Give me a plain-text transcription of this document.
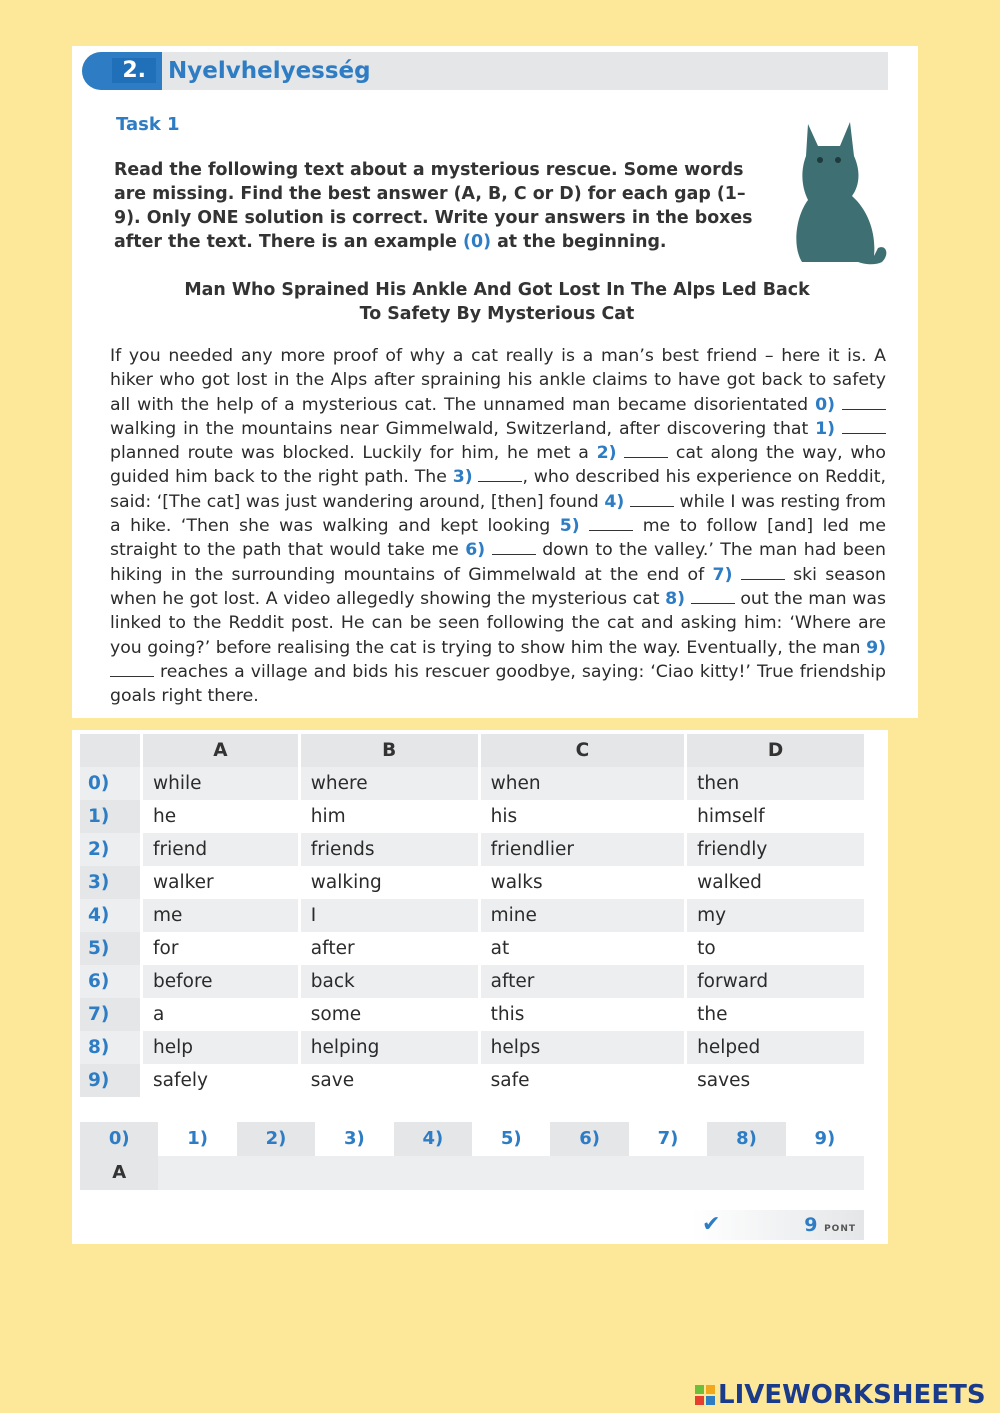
2. Nyelvhelyesség
Task 1
Read the following text about a mysterious rescue. Some words are missing. Find the best answer (A, B, C or D) for each gap (1–9). Only ONE solution is correct. Write your answers in the boxes after the text. There is an example (0) at the beginning.
Man Who Sprained His Ankle And Got Lost In The Alps Led Back
To Safety By Mysterious Cat
If you needed any more proof of why a cat really is a man’s best friend – here it is. A hiker who got lost in the Alps after spraining his ankle claims to have got back to safety all with the help of a mysterious cat. The unnamed man became disorientated 0)  walking in the mountains near Gimmelwald, Switzerland, after discovering that 1)  planned route was blocked. Luckily for him, he met a 2)	cat along the way, who guided him back to the right path. The 3)	, who described his experience on Reddit, said: ‘[The cat] was just wandering around, [then] found 4)	while I was resting from a hike. ‘Then she was walking and kept looking 5)	me to follow [and] led me straight to the path that would take me 6)	down to the valley.’ The man had been hiking in the surrounding mountains of Gimmelwald at the end of 7)	ski season when he got lost. A video allegedly showing the mysterious cat 8)	out the man was linked to the Reddit post. He can be seen following the cat and asking him: ‘Where are you going?’ before realising the cat is trying to show him the way. Eventually, the man 9)  reaches a village and bids his rescuer goodbye, saying: ‘Ciao kitty!’ True friendship goals right there.
	A	B	C	D
0)	while	where	when	then
1)	he	him	his	himself
2)	friend	friends	friendlier	friendly
3)	walker	walking	walks	walked
4)	me	I	mine	my
5)	for	after	at	to
6)	before	back	after	forward
7)	a	some	this	the
8)	help	helping	helps	helped
9)	safely	save	safe	saves
0)	1)	2)	3)	4)	5)	6)	7)	8)	9)
A
✔	9 PONT
LIVEWORKSHEETS
